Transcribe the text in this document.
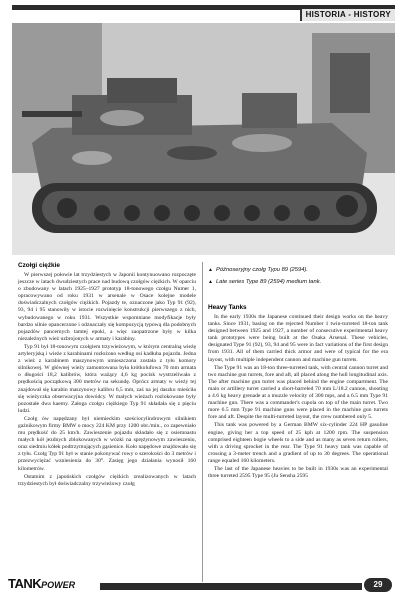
HISTORIA - HISTORY
Czołgi ciężkie

W pierwszej połowie lat trzydziestych w Japonii kontynuowano rozpoczęte jeszcze w latach dwudziestych prace nad budową czołgów ciężkich. W oparciu o zbudowany w latach 1925–1927 prototyp 18-tonowego czołgu Numer 1, opracowywano od roku 1931 w arsenale w Osace kolejne modele doświadczalnych czołgów ciężkich. Pojazdy te, oznaczone jako Typ 91 (92), 93, 94 i 95 stanowiły w istocie rozwinięcie konstrukcji pierwszego z nich, wybudowanego w roku 1931. Wszystkie wspomniane modyfikacje były bardzo silnie opancerzone i odznaczały się kompozycją typową dla podobnych pojazdów pancernych tamtej epoki, a więc zaopatrzone były w kilka niezależnych wież uzbrojonych w armaty i karabiny.

Typ 91 był 18-tonowym czołgiem trzywieżowym, w którym centralną wieżę artyleryjską i wieże z karabinami rozłożono według osi kadłuba pojazdu. Jedna z wież z karabinem maszynowym umieszczona została z tyłu komory silnikowej. W głównej wieży zamontowana była krótkolufowa 70 mm armata o długości 18,2 kalibrów, która ważący 4,6 kg pocisk wystrzeliwała z prędkością początkową 300 metrów na sekundę. Oprócz armaty w wieży tej znajdował się karabin maszynowy kalibru 6,5 mm, zaś na jej daszku mieściła się wieżyczka obserwacyjna dowódcy. W małych wieżach rozlokowane były pozostałe dwa kaemy. Załoga czołgu ciężkiego Typ 91 składała się z pięciu ludzi.

Czołg ów napędzany był niemieckim sześciocylindrowym silnikiem gaźnikowym firmy BMW o mocy 224 KM przy 1200 obr./min., co zapewniało mu prędkość do 25 km/h. Zawieszenie pojazdu składało się z osiemnastu małych kół jezdnych zblokowanych w wózki na sprężynowym zawieszeniu, oraz siedmiu kółek podtrzymujących gąsienice. Koło napędowe znajdowało się z tyłu. Czołg Typ 91 był w stanie pokonywać rowy o szerokości do 3 metrów i przezwyciężać wzniesienia do 30°. Zasięg jego działania wynosił 160 kilometrów.

Ostatnim z japońskich czołgów ciężkich zrealizowanych w latach trzydziestych był doświadczalny trzywieżowy czołg

▲ Późnoseryjny czołg Typu 89 (2594).

▲ Late series Type 89 (2594) medium tank.

Heavy Tanks

In the early 1930s the Japanese continued their design works on the heavy tanks. Since 1931, basing on the rejected Number 1 twin-turreted 18-ton tank designed between 1925 and 1927, a number of consecutive experimental heavy tank prototypes were being built at the Osaka Arsenal. These vehicles, designated Type 91 (92), 93, 94 and 95 were in fact variations of the first design from 1931. All of them carried thick armor and were of typical for the era layout, with multiple independent cannon and machine gun turrets.

The Type 91 was an 18-ton three-turreted tank, with central cannon turret and two machine gun turrets, fore and aft, all placed along the hull longitudinal axis. The after machine gun turret was placed behind the engine compartment. The main or artillery turret carried a short-barreled 70 mm L/18.2 cannon, shooting a 4.6 kg heavy grenade at a muzzle velocity of 300 mps, and a 6.5 mm Type 91 machine gun. There was a commander's cupola on top of the main turret. Two more 6.5 mm Type 91 machine guns were placed in the machine gun turrets fore and aft. Despite the multi-turreted layout, the crew numbered only 5.

This tank was powered by a German BMW six-cylinder 224 HP gasoline engine, giving her a top speed of 25 kph at 1200 rpm. The suspension comprised eighteen bogie wheels to a side and as many as seven return rollers, with a driving sprocket in the rear. The Type 91 heavy tank was capable of crossing a 3-meter trench and a gradient of up to 30 degrees. The operational range equaled 160 kilometers.

The last of the Japanese heavies to be built in 1930s was an experimental three turreted 2595 Type 95 (Ju Sensha 2595

TANKPOWER	29
